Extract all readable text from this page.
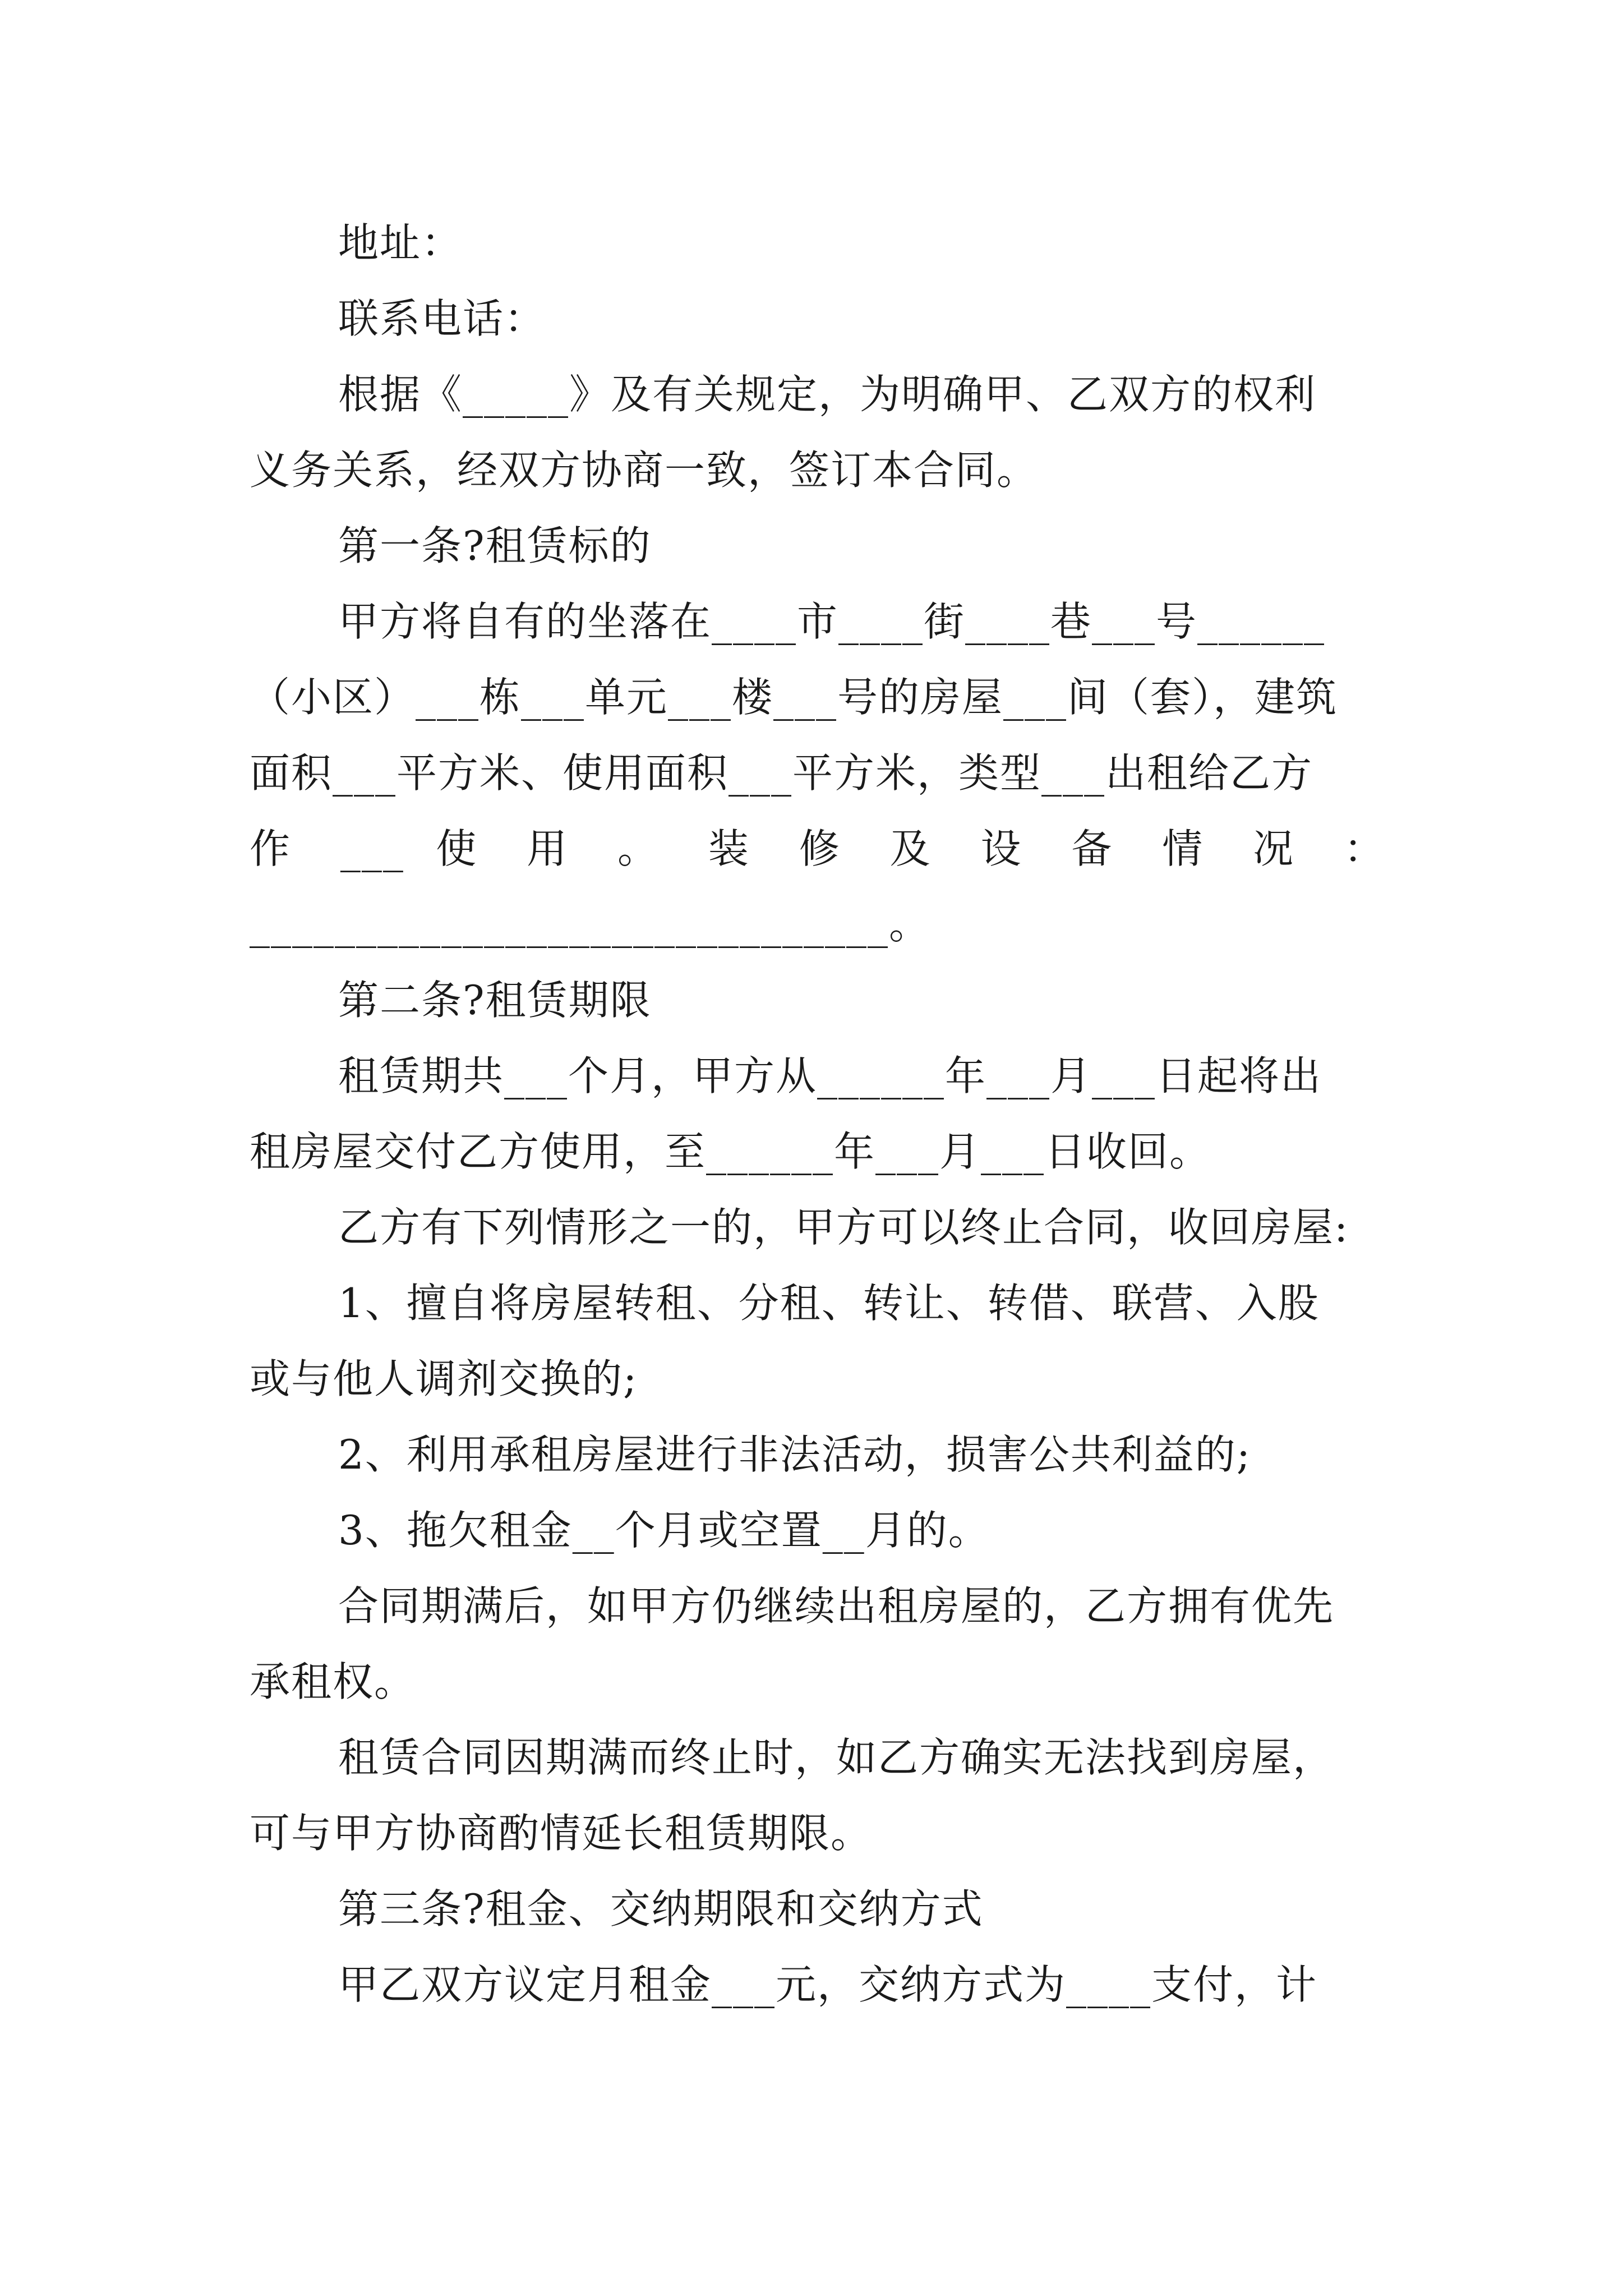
地址：
联系电话：
根据《_____》及有关规定，为明确甲、乙双方的权利
义务关系，经双方协商一致，签订本合同。
第一条?租赁标的
甲方将自有的坐落在____市____街____巷___号______
（小区）___栋___单元___楼___号的房屋___间（套），建筑
面积___平方米、使用面积___平方米，类型___出租给乙方
作 ___ 使 用 。 装 修 及 设 备 情 况 ：
______________________________。
第二条?租赁期限
租赁期共___个月，甲方从______年___月___日起将出
租房屋交付乙方使用，至______年___月___日收回。
乙方有下列情形之一的，甲方可以终止合同，收回房屋:
1、擅自将房屋转租、分租、转让、转借、联营、入股
或与他人调剂交换的;
2、利用承租房屋进行非法活动，损害公共利益的;
3、拖欠租金__个月或空置__月的。
合同期满后，如甲方仍继续出租房屋的，乙方拥有优先
承租权。
租赁合同因期满而终止时，如乙方确实无法找到房屋，
可与甲方协商酌情延长租赁期限。
第三条?租金、交纳期限和交纳方式
甲乙双方议定月租金___元，交纳方式为____支付，计
